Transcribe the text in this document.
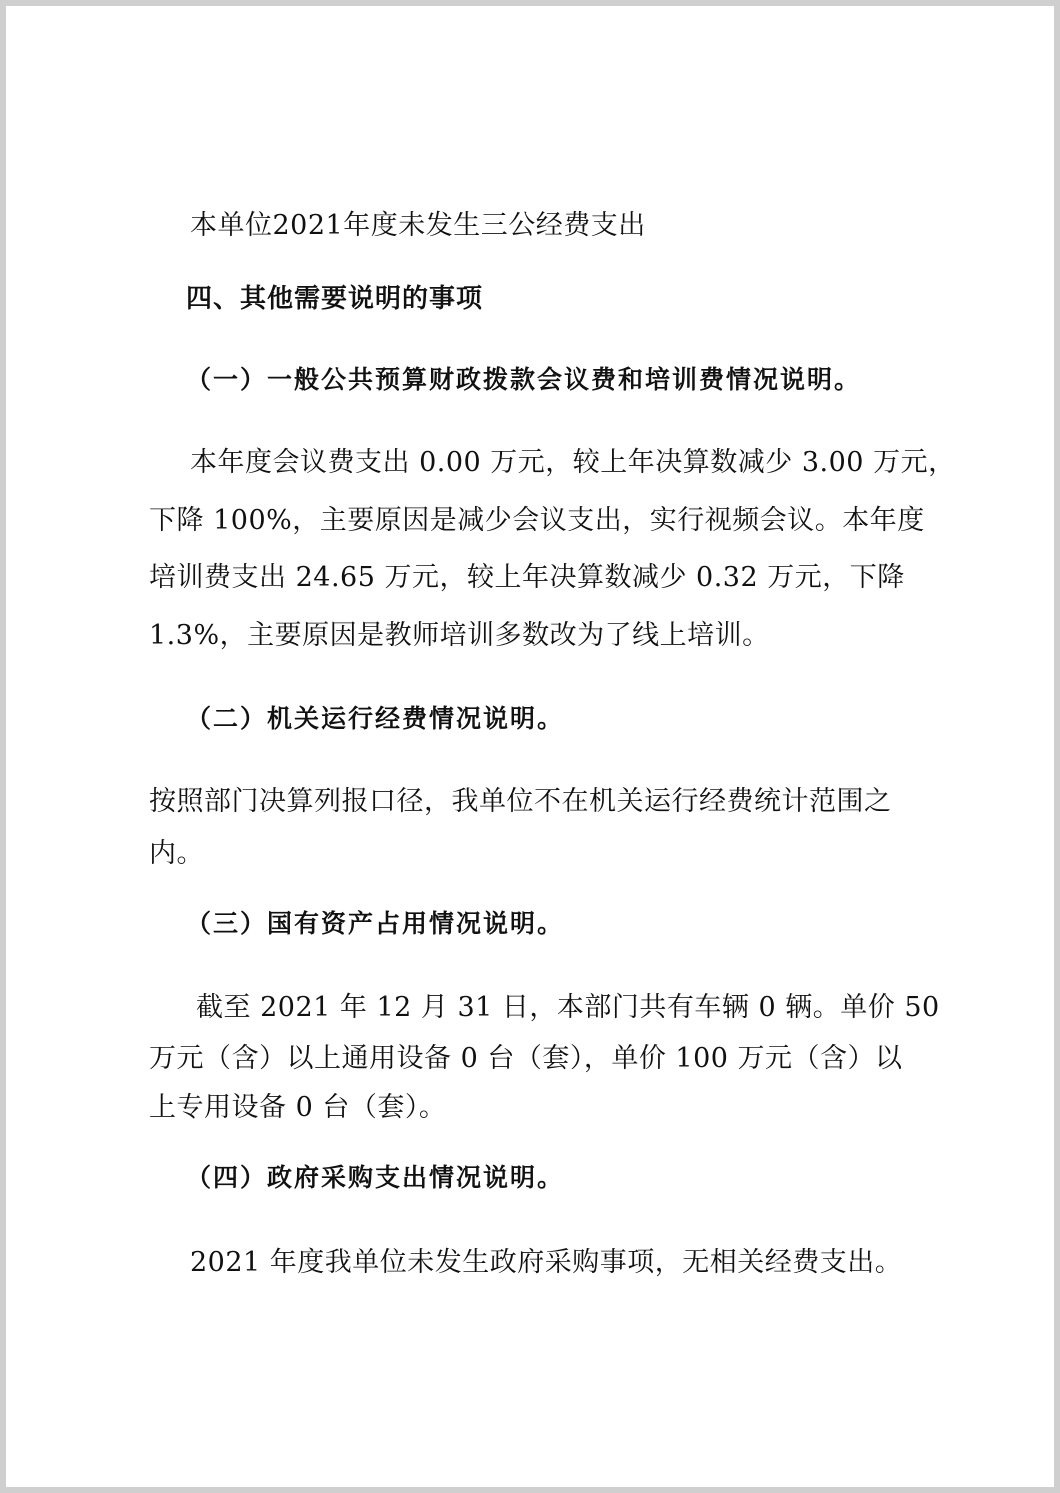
本单位2021年度未发生三公经费支出
四、其他需要说明的事项
（一）一般公共预算财政拨款会议费和培训费情况说明。
本年度会议费支出 0.00 万元，较上年决算数减少 3.00 万元，
下降 100%，主要原因是减少会议支出，实行视频会议。本年度
培训费支出 24.65 万元，较上年决算数减少 0.32 万元，下降
1.3%，主要原因是教师培训多数改为了线上培训。
（二）机关运行经费情况说明。
按照部门决算列报口径，我单位不在机关运行经费统计范围之
内。
（三）国有资产占用情况说明。
截至 2021 年 12 月 31 日，本部门共有车辆 0 辆。单价 50
万元（含）以上通用设备 0 台（套），单价 100 万元（含）以
上专用设备 0 台（套）。
（四）政府采购支出情况说明。
2021 年度我单位未发生政府采购事项，无相关经费支出。
